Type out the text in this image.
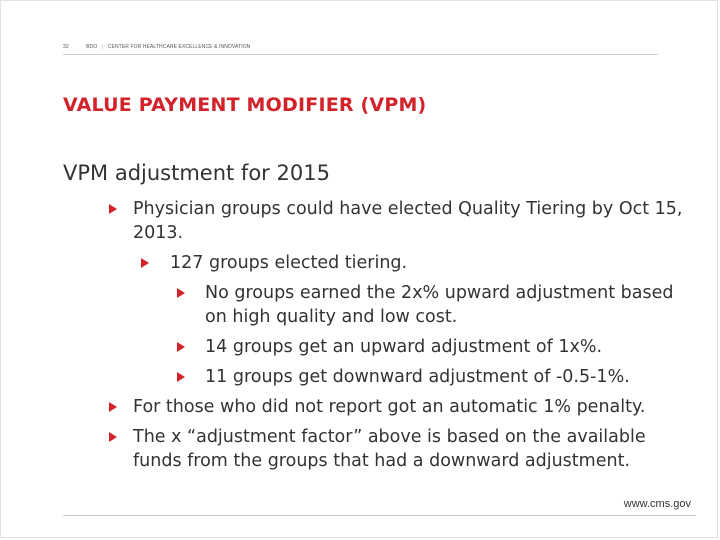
32	BDO | CENTER FOR HEALTHCARE EXCELLENCE & INNOVATION
VALUE PAYMENT MODIFIER (VPM)
VPM adjustment for 2015
Physician groups could have elected Quality Tiering by Oct 15, 2013.
127 groups elected tiering.
No groups earned the 2x% upward adjustment based on high quality and low cost.
14 groups get an upward adjustment of 1x%.
11 groups get downward adjustment of -0.5-1%.
For those who did not report got an automatic 1% penalty.
The x “adjustment factor” above is based on the available funds from the groups that had a downward adjustment.
www.cms.gov
